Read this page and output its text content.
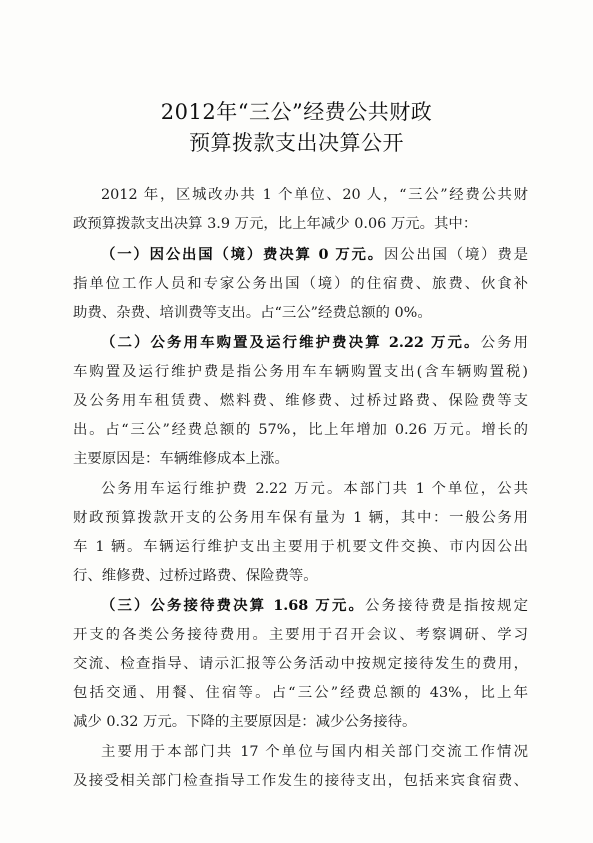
2012年“三公”经费公共财政
预算拨款支出决算公开
2012 年，区城改办共 1 个单位、20 人，“三公”经费公共财
政预算拨款支出决算 3.9 万元，比上年减少 0.06 万元。其中：
（一）因公出国（境）费决算 0 万元。因公出国（境）费是
指单位工作人员和专家公务出国（境）的住宿费、旅费、伙食补
助费、杂费、培训费等支出。占“三公”经费总额的 0%。
（二）公务用车购置及运行维护费决算 2.22 万元。公务用
车购置及运行维护费是指公务用车车辆购置支出(含车辆购置税)
及公务用车租赁费、燃料费、维修费、过桥过路费、保险费等支
出。占“三公”经费总额的 57%，比上年增加 0.26 万元。增长的
主要原因是：车辆维修成本上涨。
公务用车运行维护费 2.22 万元。本部门共 1 个单位，公共
财政预算拨款开支的公务用车保有量为 1 辆，其中：一般公务用
车 1 辆。车辆运行维护支出主要用于机要文件交换、市内因公出
行、维修费、过桥过路费、保险费等。
（三）公务接待费决算 1.68 万元。公务接待费是指按规定
开支的各类公务接待费用。主要用于召开会议、考察调研、学习
交流、检查指导、请示汇报等公务活动中按规定接待发生的费用，
包括交通、用餐、住宿等。占“三公”经费总额的 43%，比上年
减少 0.32 万元。下降的主要原因是：减少公务接待。
主要用于本部门共 17 个单位与国内相关部门交流工作情况
及接受相关部门检查指导工作发生的接待支出，包括来宾食宿费、
